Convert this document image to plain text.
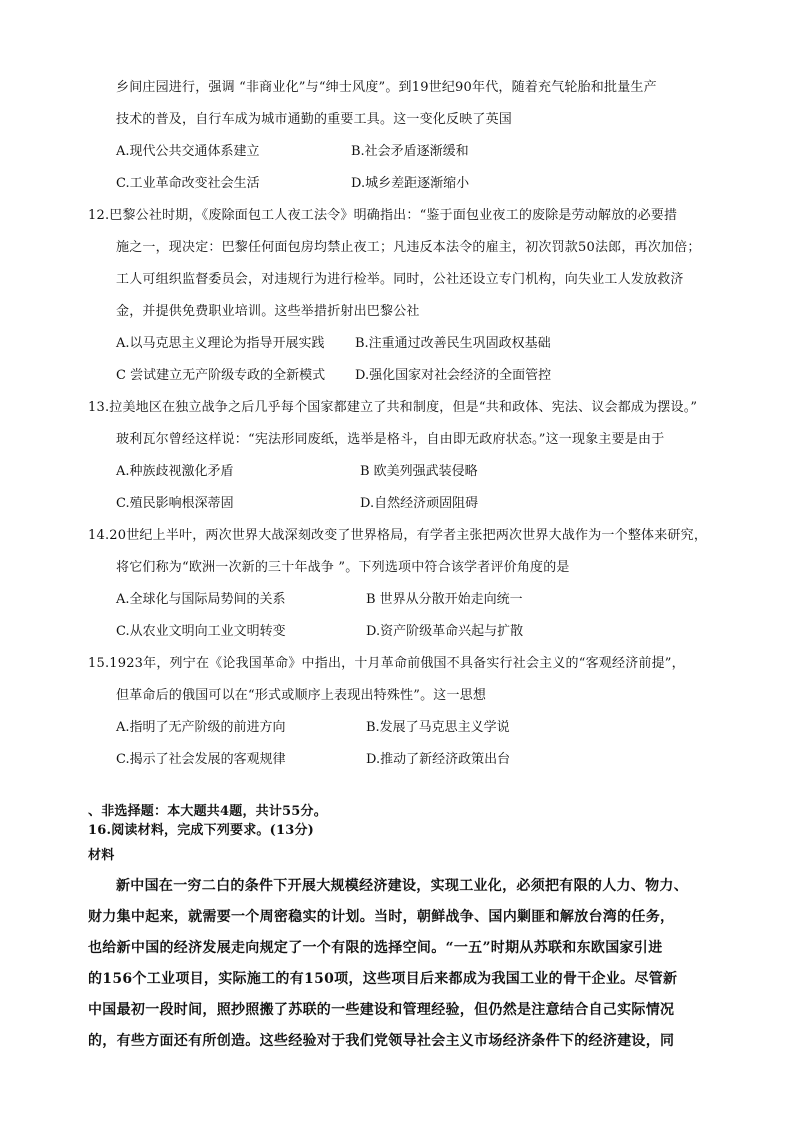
乡间庄园进行，强调 “非商业化”与“绅士风度”。到19世纪90年代，随着充气轮胎和批量生产
技术的普及，自行车成为城市通勤的重要工具。这一变化反映了英国
A.现代公共交通体系建立	B.社会矛盾逐渐缓和
C.工业革命改变社会生活	D.城乡差距逐渐缩小
12.巴黎公社时期，《废除面包工人夜工法令》明确指出：“鉴于面包业夜工的废除是劳动解放的必要措
施之一，现决定：巴黎任何面包房均禁止夜工；凡违反本法令的雇主，初次罚款50法郎，再次加倍；
工人可组织监督委员会，对违规行为进行检举。同时，公社还设立专门机构，向失业工人发放救济
金，并提供免费职业培训。这些举措折射出巴黎公社
A.以马克思主义理论为指导开展实践 B.注重通过改善民生巩固政权基础
C 尝试建立无产阶级专政的全新模式 D.强化国家对社会经济的全面管控
13.拉美地区在独立战争之后几乎每个国家都建立了共和制度，但是“共和政体、宪法、议会都成为摆设。”
玻利瓦尔曾经这样说：“宪法形同废纸，选举是格斗，自由即无政府状态。”这一现象主要是由于
A.种族歧视激化矛盾	B 欧美列强武装侵略
C.殖民影响根深蒂固	D.自然经济顽固阻碍
14.20世纪上半叶，两次世界大战深刻改变了世界格局，有学者主张把两次世界大战作为一个整体来研究，
将它们称为“欧洲一次新的三十年战争 ”。下列选项中符合该学者评价角度的是
A.全球化与国际局势间的关系	B 世界从分散开始走向统一
C.从农业文明向工业文明转变	D.资产阶级革命兴起与扩散
15.1923年，列宁在《论我国革命》中指出，十月革命前俄国不具备实行社会主义的“客观经济前提”，
但革命后的俄国可以在“形式或顺序上表现出特殊性”。这一思想
A.指明了无产阶级的前进方向	B.发展了马克思主义学说
C.揭示了社会发展的客观规律	D.推动了新经济政策出台
、非选择题：本大题共4题，共计55分。
16.阅读材料，完成下列要求。(13分)
材料
新中国在一穷二白的条件下开展大规模经济建设，实现工业化，必须把有限的人力、物力、
财力集中起来，就需要一个周密稳实的计划。当时，朝鲜战争、国内剿匪和解放台湾的任务，
也给新中国的经济发展走向规定了一个有限的选择空间。“一五”时期从苏联和东欧国家引进
的156个工业项目，实际施工的有150项，这些项目后来都成为我国工业的骨干企业。尽管新
中国最初一段时间，照抄照搬了苏联的一些建设和管理经验，但仍然是注意结合自己实际情况
的，有些方面还有所创造。这些经验对于我们党领导社会主义市场经济条件下的经济建设，同
